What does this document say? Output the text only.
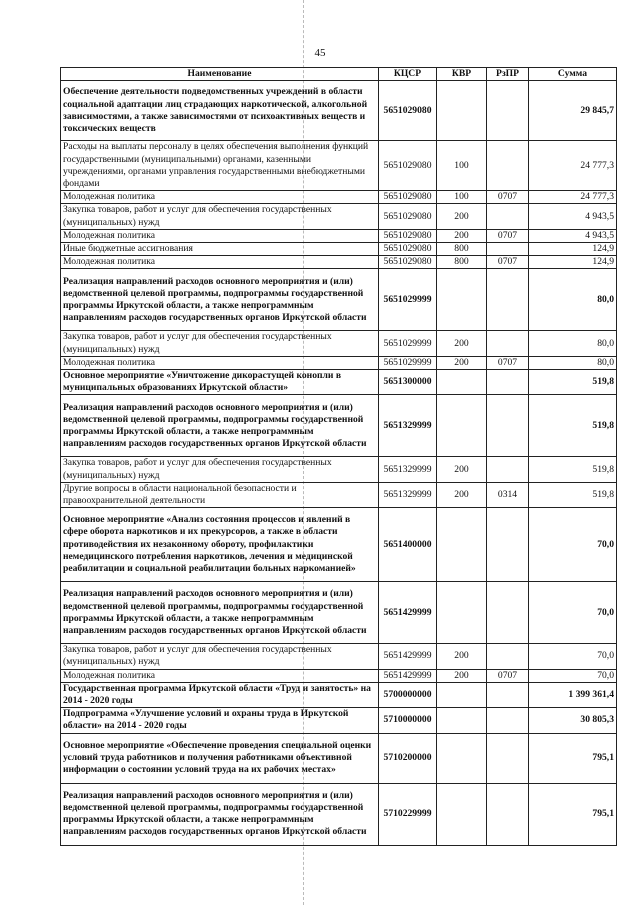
45
Наименование	КЦСР	КВР	РзПР	Сумма
Обеспечение деятельности подведомственных учреждений в области социальной адаптации лиц страдающих наркотической, алкогольной зависимостями, а также зависимостями от психоактивных веществ и токсических веществ	5651029080			29 845,7
Расходы на выплаты персоналу в целях обеспечения выполнения функций государственными (муниципальными) органами, казенными учреждениями, органами управления государственными внебюджетными фондами	5651029080	100		24 777,3
Молодежная политика	5651029080	100	0707	24 777,3
Закупка товаров, работ и услуг для обеспечения государственных (муниципальных) нужд	5651029080	200		4 943,5
Молодежная политика	5651029080	200	0707	4 943,5
Иные бюджетные ассигнования	5651029080	800		124,9
Молодежная политика	5651029080	800	0707	124,9
Реализация направлений расходов основного мероприятия и (или) ведомственной целевой программы, подпрограммы государственной программы Иркутской области, а также непрограммным направлениям расходов государственных органов Иркутской области	5651029999			80,0
Закупка товаров, работ и услуг для обеспечения государственных (муниципальных) нужд	5651029999	200		80,0
Молодежная политика	5651029999	200	0707	80,0
Основное мероприятие «Уничтожение дикорастущей конопли в муниципальных образованиях Иркутской области»	5651300000			519,8
Реализация направлений расходов основного мероприятия и (или) ведомственной целевой программы, подпрограммы государственной программы Иркутской области, а также непрограммным направлениям расходов государственных органов Иркутской области	5651329999			519,8
Закупка товаров, работ и услуг для обеспечения государственных (муниципальных) нужд	5651329999	200		519,8
Другие вопросы в области национальной безопасности и правоохранительной деятельности	5651329999	200	0314	519,8
Основное мероприятие «Анализ состояния процессов и явлений в сфере оборота наркотиков и их прекурсоров, а также в области противодействия их незаконному обороту, профилактики немедицинского потребления наркотиков, лечения и медицинской реабилитации и социальной реабилитации больных наркоманией»	5651400000			70,0
Реализация направлений расходов основного мероприятия и (или) ведомственной целевой программы, подпрограммы государственной программы Иркутской области, а также непрограммным направлениям расходов государственных органов Иркутской области	5651429999			70,0
Закупка товаров, работ и услуг для обеспечения государственных (муниципальных) нужд	5651429999	200		70,0
Молодежная политика	5651429999	200	0707	70,0
Государственная программа Иркутской области «Труд и занятость» на 2014 - 2020 годы	5700000000			1 399 361,4
Подпрограмма «Улучшение условий и охраны труда в Иркутской области» на 2014 - 2020 годы	5710000000			30 805,3
Основное мероприятие «Обеспечение проведения специальной оценки условий труда работников и получения работниками объективной информации о состоянии условий труда на их рабочих местах»	5710200000			795,1
Реализация направлений расходов основного мероприятия и (или) ведомственной целевой программы, подпрограммы государственной программы Иркутской области, а также непрограммным направлениям расходов государственных органов Иркутской области	5710229999			795,1
